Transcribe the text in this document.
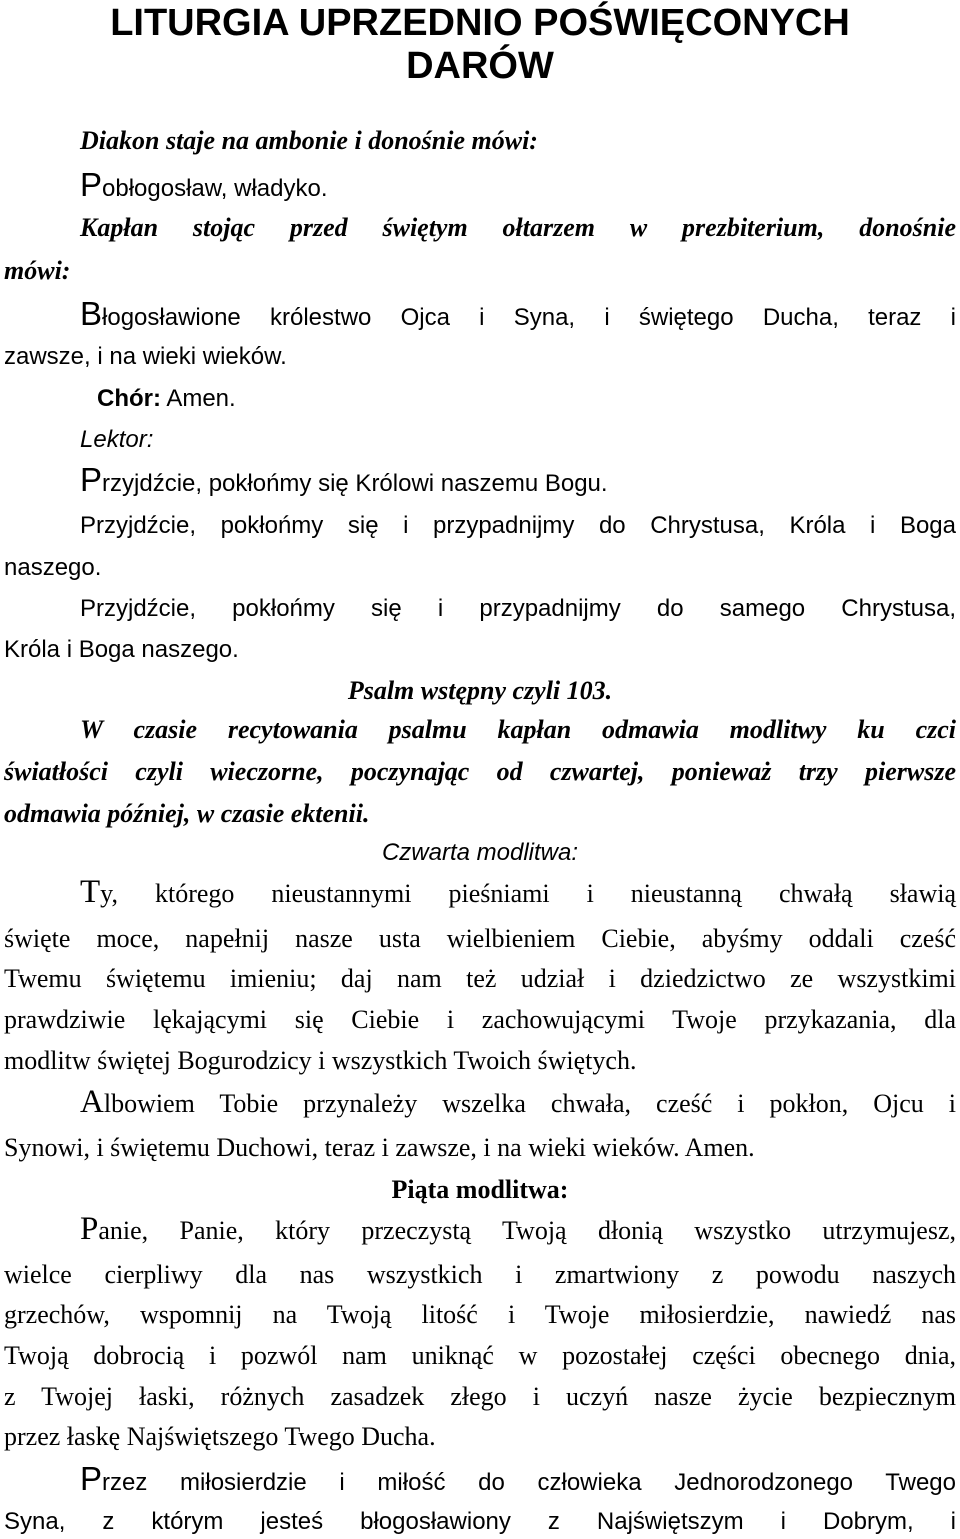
LITURGIA UPRZEDNIO POŚWIĘCONYCH
DARÓW

Diakon staje na ambonie i donośnie mówi:

Pobłogosław, władyko.

Kapłan stojąc przed świętym ołtarzem w prezbiterium, donośnie

mówi:

Błogosławione królestwo Ojca i Syna, i świętego Ducha, teraz i

zawsze, i na wieki wieków.

Chór: Amen.

Lektor:

Przyjdźcie, pokłońmy się Królowi naszemu Bogu.

Przyjdźcie, pokłońmy się i przypadnijmy do Chrystusa, Króla i Boga

naszego.

Przyjdźcie, pokłońmy się i przypadnijmy do samego Chrystusa,

Króla i Boga naszego.

Psalm wstępny czyli 103.

W czasie recytowania psalmu kapłan odmawia modlitwy ku czci

światłości czyli wieczorne, poczynając od czwartej, ponieważ trzy pierwsze

odmawia później, w czasie ektenii.

Czwarta modlitwa:

Ty, którego nieustannymi pieśniami i nieustanną chwałą sławią

święte moce, napełnij nasze usta wielbieniem Ciebie, abyśmy oddali cześć

Twemu świętemu imieniu; daj nam też udział i dziedzictwo ze wszystkimi

prawdziwie lękającymi się Ciebie i zachowującymi Twoje przykazania, dla

modlitw świętej Bogurodzicy i wszystkich Twoich świętych.

Albowiem Tobie przynależy wszelka chwała, cześć i pokłon, Ojcu i

Synowi, i świętemu Duchowi, teraz i zawsze, i na wieki wieków. Amen.

Piąta modlitwa:

Panie, Panie, który przeczystą Twoją dłonią wszystko utrzymujesz,

wielce cierpliwy dla nas wszystkich i zmartwiony z powodu naszych

grzechów, wspomnij na Twoją litość i Twoje miłosierdzie, nawiedź nas

Twoją dobrocią i pozwól nam uniknąć w pozostałej części obecnego dnia,

z Twojej łaski, różnych zasadzek złego i uczyń nasze życie bezpiecznym

przez łaskę Najświętszego Twego Ducha.

Przez miłosierdzie i miłość do człowieka Jednorodzonego Twego

Syna, z którym jesteś błogosławiony z Najświętszym i Dobrym, i
